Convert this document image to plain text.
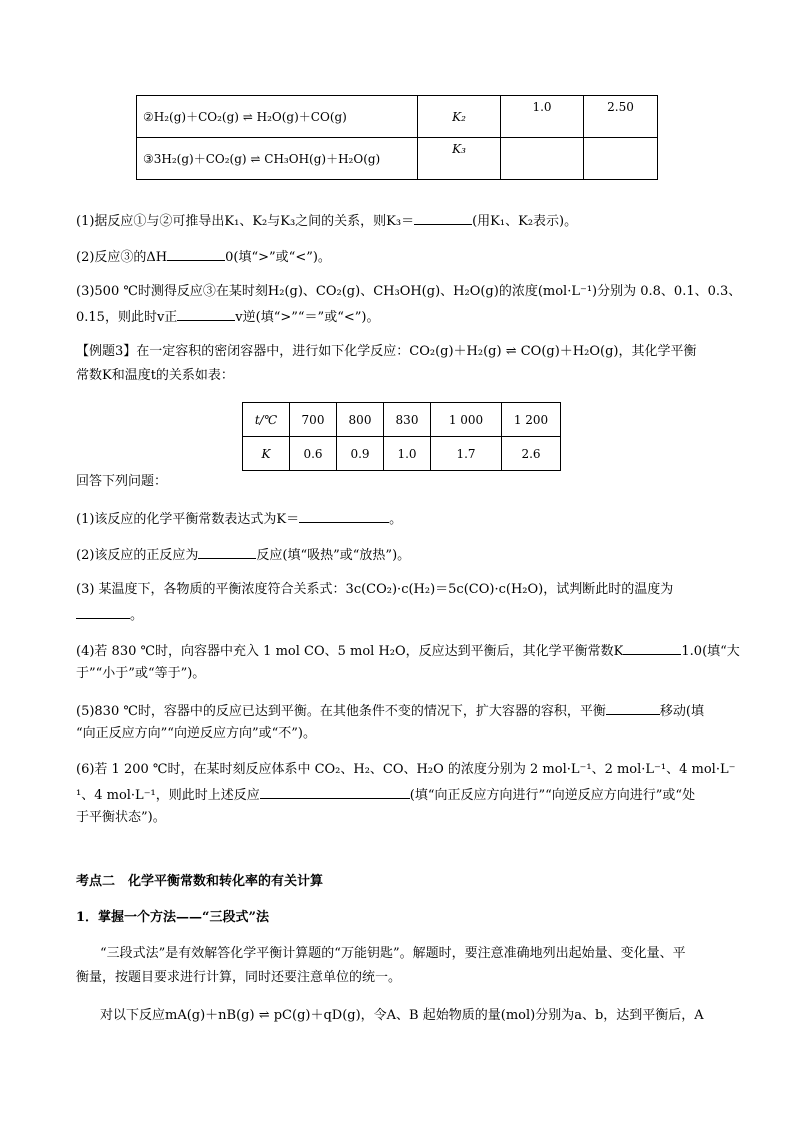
②H₂(g)＋CO₂(g) ⇌ H₂O(g)＋CO(g)	K₂	1.0	2.50
③3H₂(g)＋CO₂(g) ⇌ CH₃OH(g)＋H₂O(g)	K₃		
(1)据反应①与②可推导出K₁、K₂与K₃之间的关系，则K₃＝	(用K₁、K₂表示)。
(2)反应③的ΔH	0(填“>”或“<”)。
(3)500 ℃时测得反应③在某时刻H₂(g)、CO₂(g)、CH₃OH(g)、H₂O(g)的浓度(mol·L⁻¹)分别为 0.8、0.1、0.3、
0.15，则此时v正	v逆(填“>”“＝”或“<”)。
【例题3】在一定容积的密闭容器中，进行如下化学反应：CO₂(g)＋H₂(g) ⇌ CO(g)＋H₂O(g)，其化学平衡
常数K和温度t的关系如表：
t/℃	700	800	830	1 000	1 200
K	0.6	0.9	1.0	1.7	2.6
回答下列问题：
(1)该反应的化学平衡常数表达式为K＝	。
(2)该反应的正反应为	反应(填“吸热”或“放热”)。
(3) 某温度下，各物质的平衡浓度符合关系式：3c(CO₂)·c(H₂)＝5c(CO)·c(H₂O)，试判断此时的温度为
。
(4)若 830 ℃时，向容器中充入 1 mol CO、5 mol H₂O，反应达到平衡后，其化学平衡常数K	1.0(填“大
于”“小于”或“等于”)。
(5)830 ℃时，容器中的反应已达到平衡。在其他条件不变的情况下，扩大容器的容积，平衡	移动(填
“向正反应方向”“向逆反应方向”或“不”)。
(6)若 1 200 ℃时，在某时刻反应体系中 CO₂、H₂、CO、H₂O 的浓度分别为 2 mol·L⁻¹、2 mol·L⁻¹、4 mol·L⁻
¹、4 mol·L⁻¹，则此时上述反应	(填“向正反应方向进行”“向逆反应方向进行”或“处
于平衡状态”)。
考点二　化学平衡常数和转化率的有关计算
1．掌握一个方法——“三段式”法
“三段式法”是有效解答化学平衡计算题的“万能钥匙”。解题时，要注意准确地列出起始量、变化量、平
衡量，按题目要求进行计算，同时还要注意单位的统一。
对以下反应mA(g)＋nB(g) ⇌ pC(g)＋qD(g)，令A、B 起始物质的量(mol)分别为a、b，达到平衡后，A
